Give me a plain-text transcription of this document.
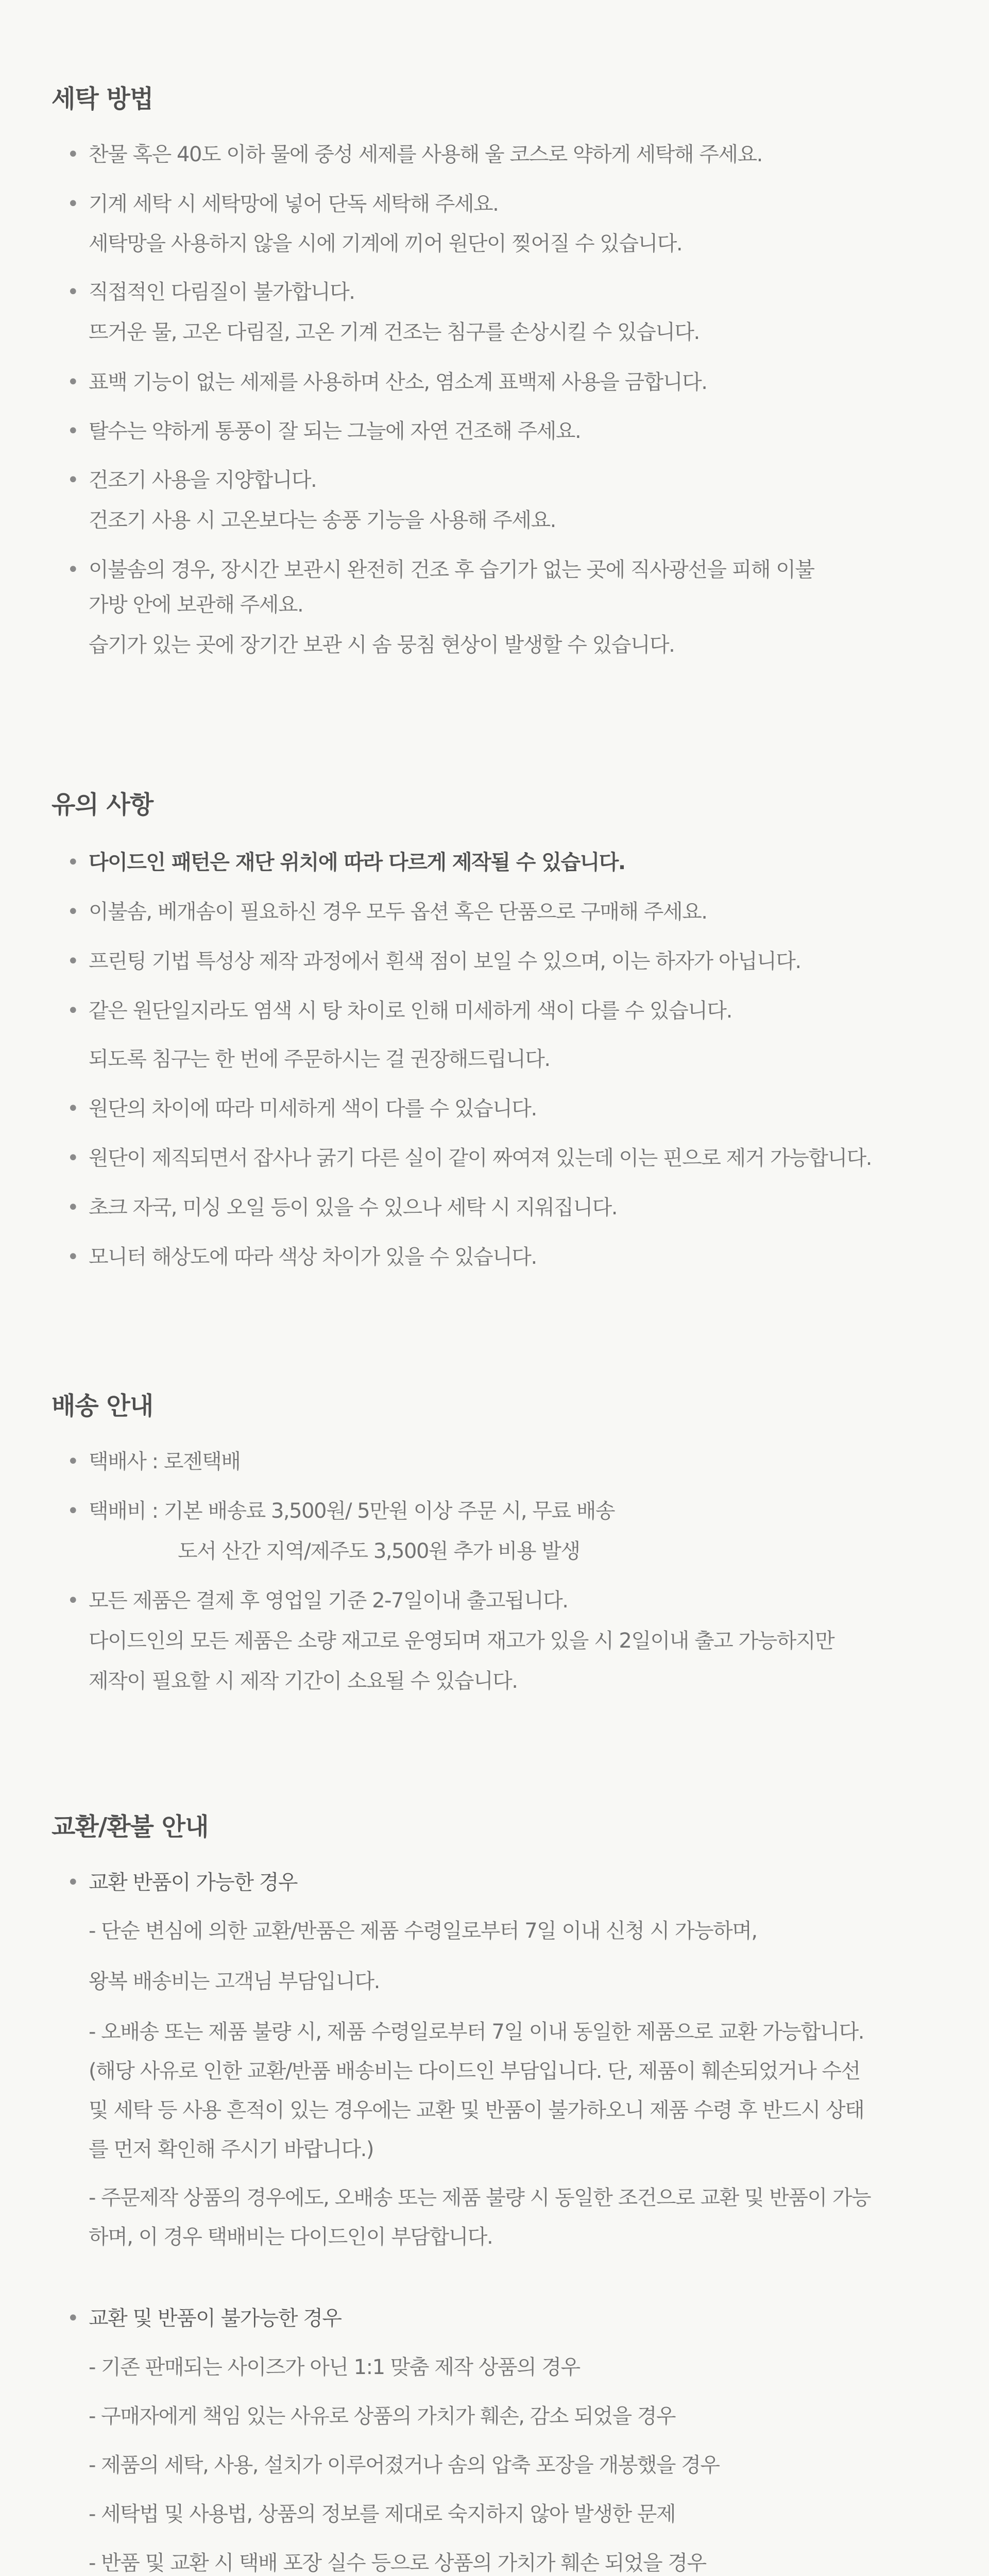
세탁 방법
• 찬물 혹은 40도 이하 물에 중성 세제를 사용해 울 코스로 약하게 세탁해 주세요.
• 기계 세탁 시 세탁망에 넣어 단독 세탁해 주세요.
세탁망을 사용하지 않을 시에 기계에 끼어 원단이 찢어질 수 있습니다.
• 직접적인 다림질이 불가합니다.
뜨거운 물, 고온 다림질, 고온 기계 건조는 침구를 손상시킬 수 있습니다.
• 표백 기능이 없는 세제를 사용하며 산소, 염소계 표백제 사용을 금합니다.
• 탈수는 약하게 통풍이 잘 되는 그늘에 자연 건조해 주세요.
• 건조기 사용을 지양합니다.
건조기 사용 시 고온보다는 송풍 기능을 사용해 주세요.
• 이불솜의 경우, 장시간 보관시 완전히 건조 후 습기가 없는 곳에 직사광선을 피해 이불
가방 안에 보관해 주세요.
습기가 있는 곳에 장기간 보관 시 솜 뭉침 현상이 발생할 수 있습니다.
유의 사항
• 다이드인 패턴은 재단 위치에 따라 다르게 제작될 수 있습니다.
• 이불솜, 베개솜이 필요하신 경우 모두 옵션 혹은 단품으로 구매해 주세요.
• 프린팅 기법 특성상 제작 과정에서 흰색 점이 보일 수 있으며, 이는 하자가 아닙니다.
• 같은 원단일지라도 염색 시 탕 차이로 인해 미세하게 색이 다를 수 있습니다.
되도록 침구는 한 번에 주문하시는 걸 권장해드립니다.
• 원단의 차이에 따라 미세하게 색이 다를 수 있습니다.
• 원단이 제직되면서 잡사나 굵기 다른 실이 같이 짜여져 있는데 이는 핀으로 제거 가능합니다.
• 초크 자국, 미싱 오일 등이 있을 수 있으나 세탁 시 지워집니다.
• 모니터 해상도에 따라 색상 차이가 있을 수 있습니다.
배송 안내
• 택배사 : 로젠택배
• 택배비 : 기본 배송료 3,500원/ 5만원 이상 주문 시, 무료 배송
도서 산간 지역/제주도 3,500원 추가 비용 발생
• 모든 제품은 결제 후 영업일 기준 2-7일이내 출고됩니다.
다이드인의 모든 제품은 소량 재고로 운영되며 재고가 있을 시 2일이내 출고 가능하지만
제작이 필요할 시 제작 기간이 소요될 수 있습니다.
교환/환불 안내
• 교환 반품이 가능한 경우
- 단순 변심에 의한 교환/반품은 제품 수령일로부터 7일 이내 신청 시 가능하며,
왕복 배송비는 고객님 부담입니다.
- 오배송 또는 제품 불량 시, 제품 수령일로부터 7일 이내 동일한 제품으로 교환 가능합니다.
(해당 사유로 인한 교환/반품 배송비는 다이드인 부담입니다. 단, 제품이 훼손되었거나 수선
및 세탁 등 사용 흔적이 있는 경우에는 교환 및 반품이 불가하오니 제품 수령 후 반드시 상태
를 먼저 확인해 주시기 바랍니다.)
- 주문제작 상품의 경우에도, 오배송 또는 제품 불량 시 동일한 조건으로 교환 및 반품이 가능
하며, 이 경우 택배비는 다이드인이 부담합니다.
• 교환 및 반품이 불가능한 경우
- 기존 판매되는 사이즈가 아닌 1:1 맞춤 제작 상품의 경우
- 구매자에게 책임 있는 사유로 상품의 가치가 훼손, 감소 되었을 경우
- 제품의 세탁, 사용, 설치가 이루어졌거나 솜의 압축 포장을 개봉했을 경우
- 세탁법 및 사용법, 상품의 정보를 제대로 숙지하지 않아 발생한 문제
- 반품 및 교환 시 택배 포장 실수 등으로 상품의 가치가 훼손 되었을 경우
